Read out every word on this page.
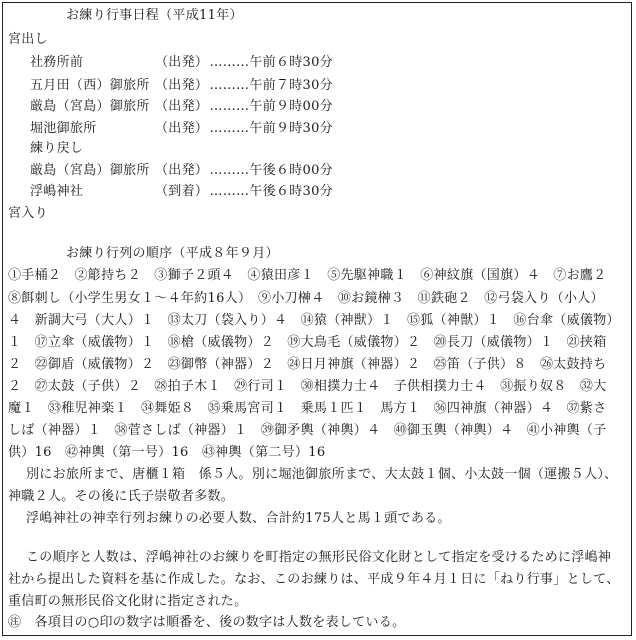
お練り行事日程（平成11年）
宮出し
社務所前	（出発） ………午前６時30分
五月田（西）御旅所 （出発） ………午前７時30分
厳島（宮島）御旅所 （出発） ………午前９時00分
堀池御旅所	（出発） ………午前９時30分
練り戻し
厳島（宮島）御旅所 （出発） ………午後６時00分
浮嶋神社	（到着） ………午後６時30分
宮入り
お練り行列の順序（平成８年９月）
①手桶２　②簓持ち２　③獅子２頭４　④猿田彦１　⑤先駆神職１　⑥神紋旗（国旗）４　⑦お鷹２
⑧餌刺し（小学生男女１～４年約16人）　⑨小刀榊４　⑩お鏡榊３　⑪鉄砲２　⑫弓袋入り（小人）
４　新調大弓（大人）１　⑬太刀（袋入り）４　⑭猿（神獣）１　⑮狐（神獣）１　⑯台傘（威儀物）
１　⑰立傘（威儀物）１　⑱槍（威儀物）２　⑲大鳥毛（威儀物）２　⑳長刀（威儀物）１　㉑挟箱
２　㉒御盾（威儀物）２　㉓御幣（神器）２　㉔日月神旗（神器）２　㉕笛（子供）８　㉖太鼓持ち
２　㉗太鼓（子供）２　㉘拍子木１　㉙行司１　㉚相撲力士４　子供相撲力士４　㉛振り奴８　㉜大
魔１　㉝稚児神楽１　㉞舞姫８　㉟乗馬宮司１　乗馬１匹１　馬方１　㊱四神旗（神器）４　㊲紫さ
しば（神器）１　㊳菅さしば（神器）１　㊴御矛輿（神輿）４　㊵御玉輿（神輿）４　㊶小神輿（子
供）16　㊷神輿（第一号）16　㊸神輿（第二号）16
別にお旅所まで、唐櫃１箱　係５人。別に堀池御旅所まで、大太鼓１個、小太鼓一個（運搬５人）、
神職２人。その後に氏子崇敬者多数。
浮嶋神社の神幸行列お練りの必要人数、合計約175人と馬１頭である。
この順序と人数は、浮嶋神社のお練りを町指定の無形民俗文化財として指定を受けるために浮嶋神
社から提出した資料を基に作成した。なお、このお練りは、平成９年４月１日に「ねり行事」として、
重信町の無形民俗文化財に指定された。
㊟　 各項目の○印の数字は順番を、後の数字は人数を表している。
